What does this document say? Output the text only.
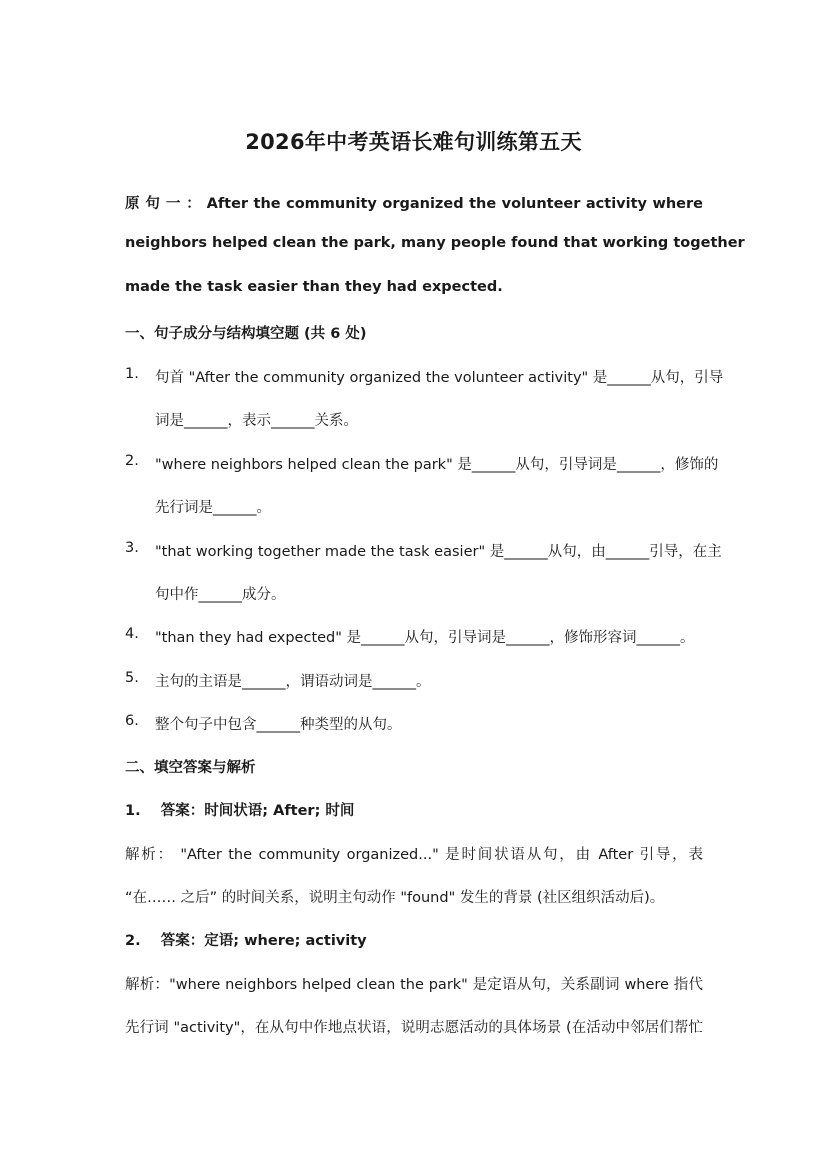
2026年中考英语长难句训练第五天
原 句 一 ： After the community organized the volunteer activity where
neighbors helped clean the park, many people found that working together
made the task easier than they had expected.
一、句子成分与结构填空题 (共 6 处)
1. 句首 "After the community organized the volunteer activity" 是______从句，引导
词是______，表示______关系。
2. "where neighbors helped clean the park" 是______从句，引导词是______，修饰的
先行词是______。
3. "that working together made the task easier" 是______从句，由______引导，在主
句中作______成分。
4. "than they had expected" 是______从句，引导词是______，修饰形容词______。
5. 主句的主语是______，谓语动词是______。
6. 整个句子中包含______种类型的从句。
二、填空答案与解析
1.    答案：时间状语; After; 时间
解析： "After the community organized..." 是时间状语从句，由 After 引导，表
“在…… 之后” 的时间关系，说明主句动作 "found" 发生的背景 (社区组织活动后)。
2.    答案：定语; where; activity
解析："where neighbors helped clean the park" 是定语从句，关系副词 where 指代
先行词 "activity"，在从句中作地点状语，说明志愿活动的具体场景 (在活动中邻居们帮忙
